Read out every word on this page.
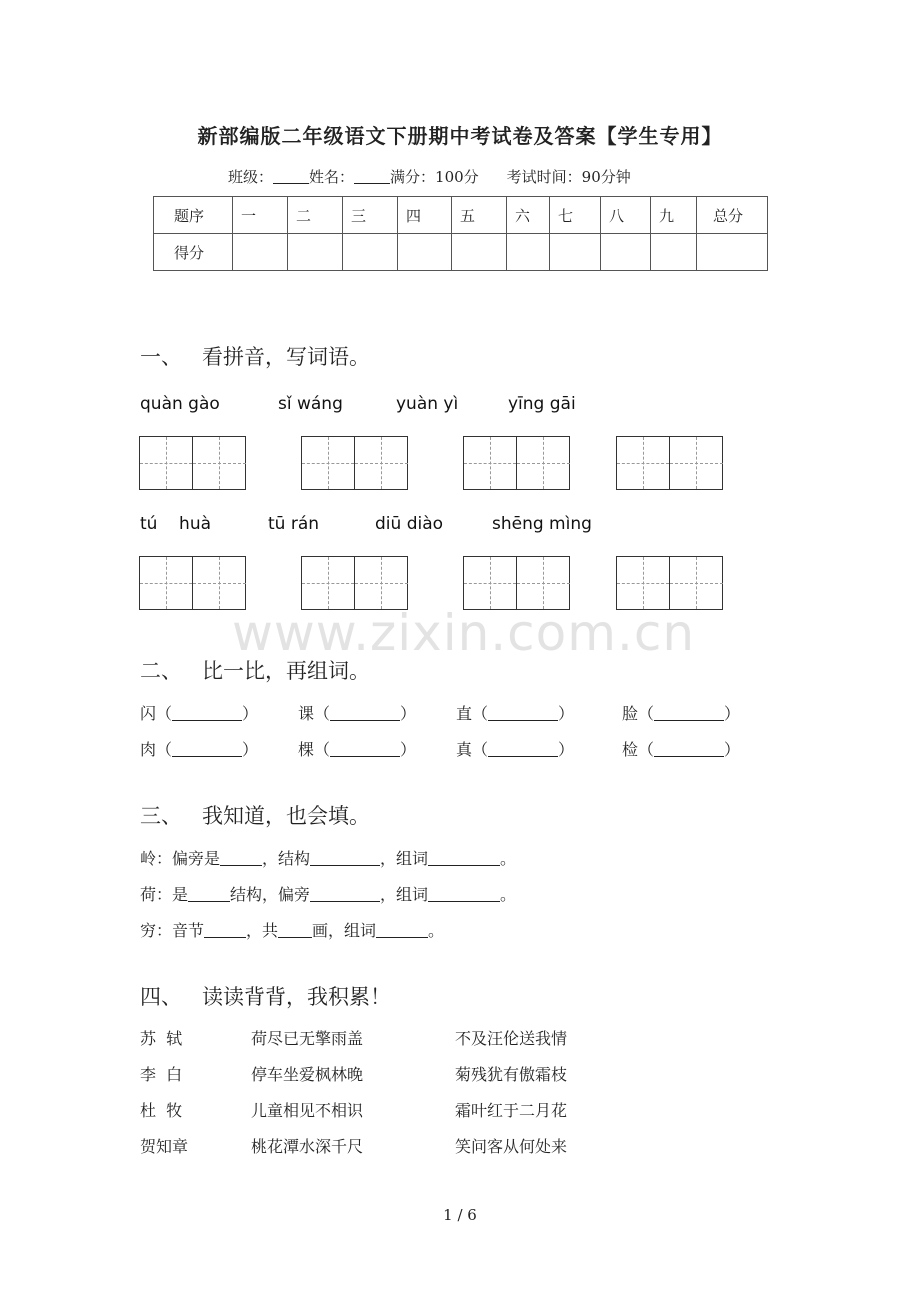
新部编版二年级语文下册期中考试卷及答案【学生专用】
班级： 姓名： 满分：100分 考试时间：90分钟
题序	一	二	三	四	五	六	七	八	九	总分
得分										
一、 看拼音，写词语。
quàn gào	sǐ wáng	yuàn yì	yīng gāi
tú    huà	tū rán	diū diào	shēng mìng
www.zixin.com.cn
二、 比一比，再组词。
闪（	） 课（	） 直（	）	脸（	）
肉（	） 棵（	） 真（	）	检（	）
三、 我知道，也会填。
岭：偏旁是	，结构	，组词	。
荷：是	结构，偏旁	，组词	。
穷：音节	，共 画，组词	。
四、 读读背背，我积累！
苏  轼	荷尽已无擎雨盖	不及汪伦送我情
李  白	停车坐爱枫林晚	菊残犹有傲霜枝
杜  牧	儿童相见不相识	霜叶红于二月花
贺知章	桃花潭水深千尺	笑问客从何处来
1 / 6
